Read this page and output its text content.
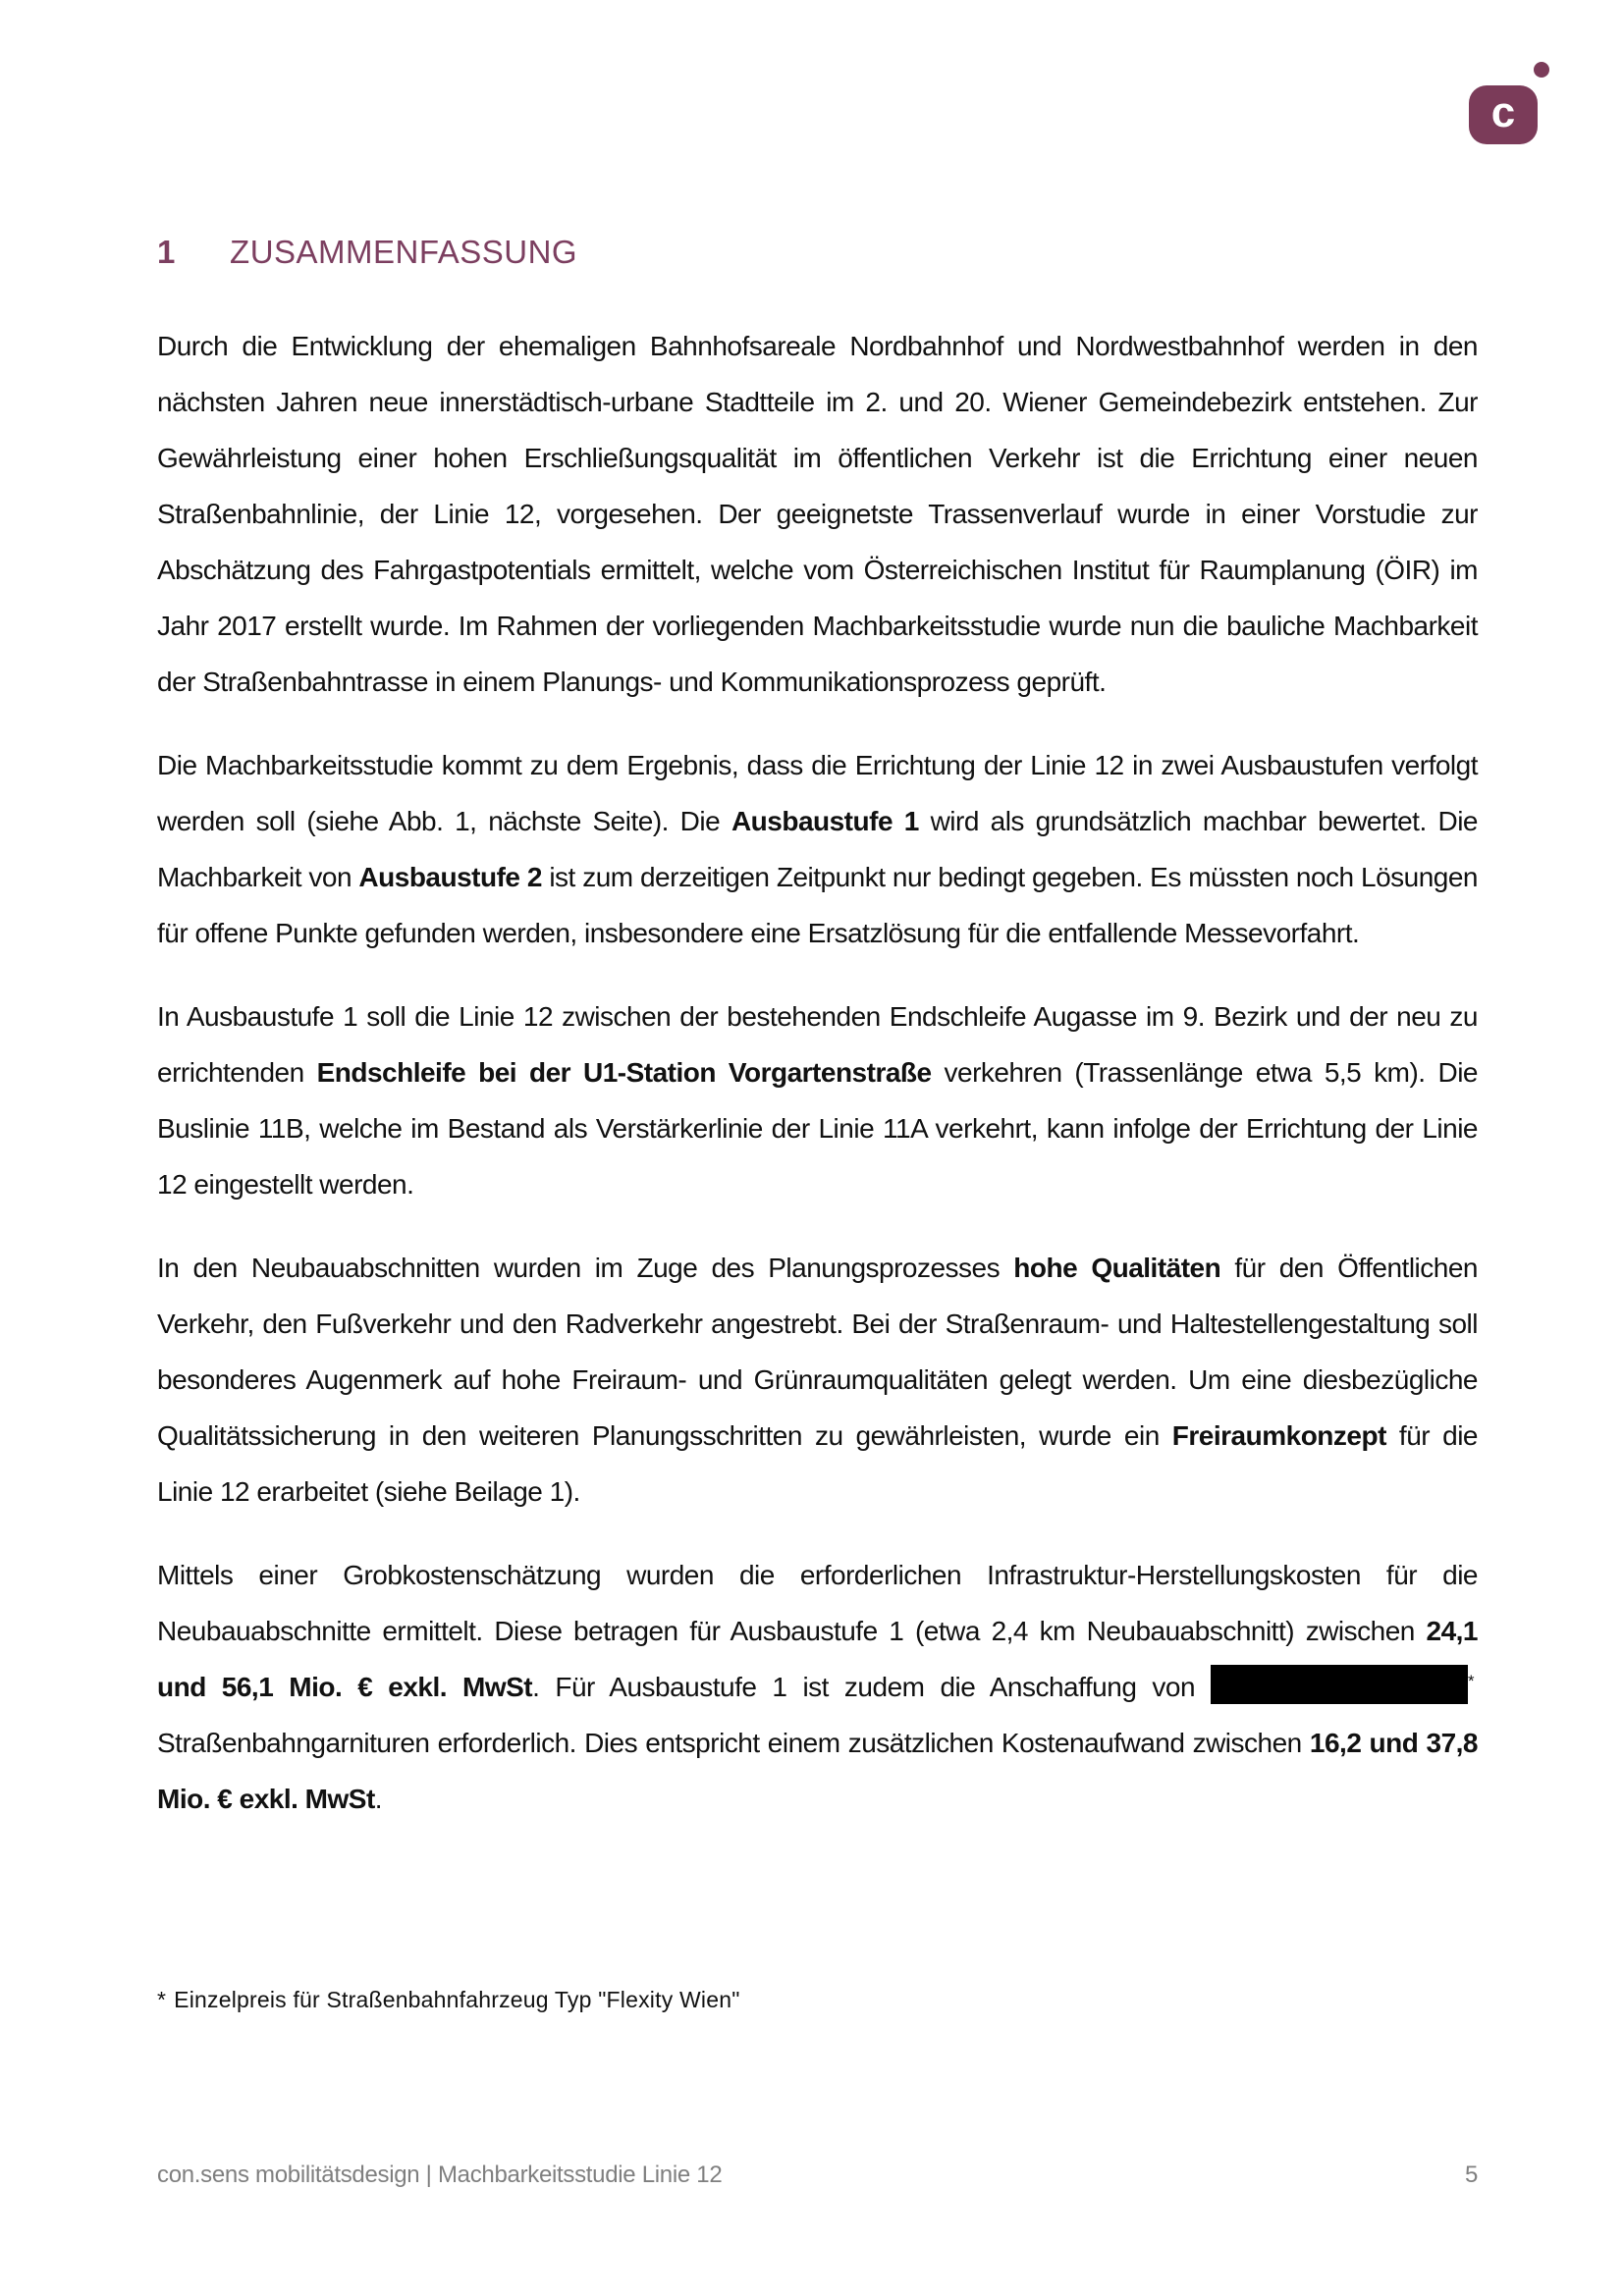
c
1 ZUSAMMENFASSUNG

Durch die Entwicklung der ehemaligen Bahnhofsareale Nordbahnhof und Nordwestbahnhof werden in den nächsten Jahren neue innerstädtisch-urbane Stadtteile im 2. und 20. Wiener Gemeindebezirk entstehen. Zur Gewährleistung einer hohen Erschließungsqualität im öffentlichen Verkehr ist die Errichtung einer neuen Straßenbahnlinie, der Linie 12, vorgesehen. Der geeignetste Trassenverlauf wurde in einer Vorstudie zur Abschätzung des Fahrgastpotentials ermittelt, welche vom Österreichischen Institut für Raumplanung (ÖIR) im Jahr 2017 erstellt wurde. Im Rahmen der vorliegenden Machbarkeitsstudie wurde nun die bauliche Machbarkeit der Straßenbahntrasse in einem Planungs- und Kommunikationsprozess geprüft.

Die Machbarkeitsstudie kommt zu dem Ergebnis, dass die Errichtung der Linie 12 in zwei Ausbaustufen verfolgt werden soll (siehe Abb. 1, nächste Seite). Die Ausbaustufe 1 wird als grundsätzlich machbar bewertet. Die Machbarkeit von Ausbaustufe 2 ist zum derzeitigen Zeitpunkt nur bedingt gegeben. Es müssten noch Lösungen für offene Punkte gefunden werden, insbesondere eine Ersatzlösung für die entfallende Messevorfahrt.

In Ausbaustufe 1 soll die Linie 12 zwischen der bestehenden Endschleife Augasse im 9. Bezirk und der neu zu errichtenden Endschleife bei der U1-Station Vorgartenstraße verkehren (Trassenlänge etwa 5,5 km). Die Buslinie 11B, welche im Bestand als Verstärkerlinie der Linie 11A verkehrt, kann infolge der Errichtung der Linie 12 eingestellt werden.

In den Neubauabschnitten wurden im Zuge des Planungsprozesses hohe Qualitäten für den Öffentlichen Verkehr, den Fußverkehr und den Radverkehr angestrebt. Bei der Straßenraum- und Haltestellengestaltung soll besonderes Augenmerk auf hohe Freiraum- und Grünraumqualitäten gelegt werden. Um eine diesbezügliche Qualitätssicherung in den weiteren Planungsschritten zu gewährleisten, wurde ein Freiraumkonzept für die Linie 12 erarbeitet (siehe Beilage 1).

Mittels einer Grobkostenschätzung wurden die erforderlichen Infrastruktur-Herstellungskosten für die Neubauabschnitte ermittelt. Diese betragen für Ausbaustufe 1 (etwa 2,4 km Neubauabschnitt) zwischen 24,1 und 56,1 Mio. € exkl. MwSt. Für Ausbaustufe 1 ist zudem die Anschaffung von	* Straßenbahngarnituren erforderlich. Dies entspricht einem zusätzlichen Kostenaufwand zwischen 16,2 und 37,8 Mio. € exkl. MwSt.

* Einzelpreis für Straßenbahnfahrzeug Typ "Flexity Wien"
con.sens mobilitätsdesign | Machbarkeitsstudie Linie 12	5
